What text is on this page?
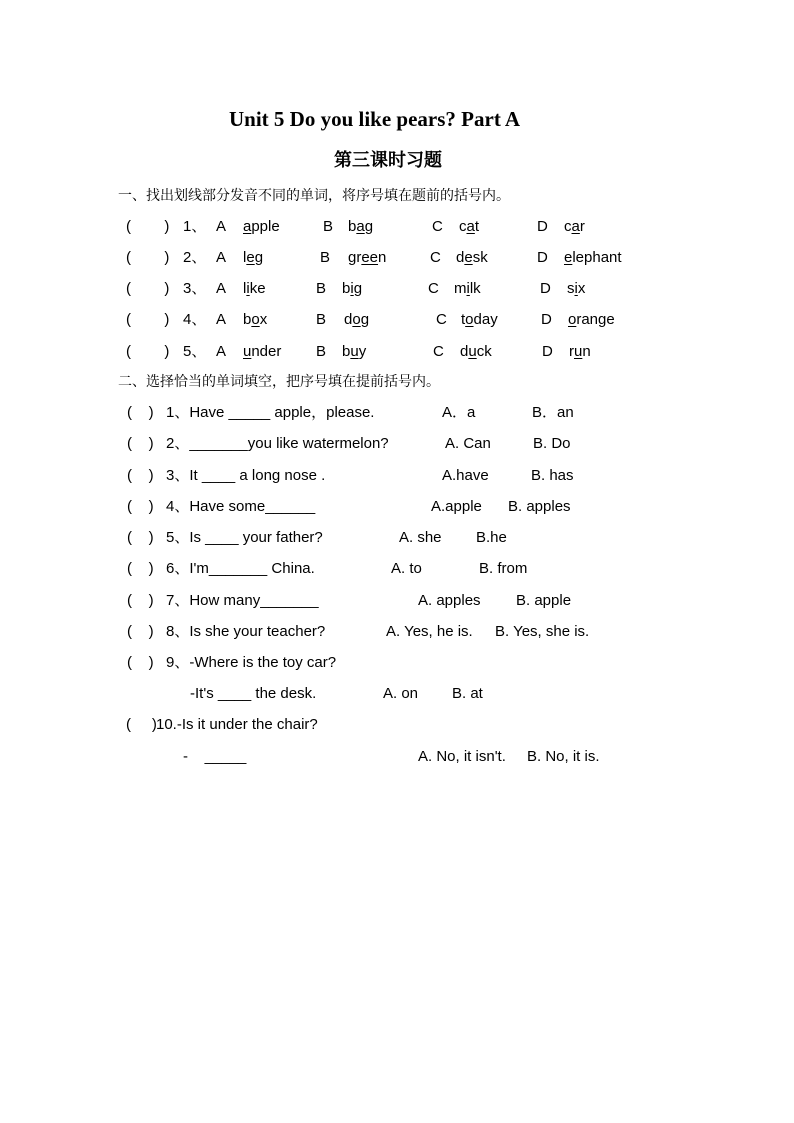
Unit 5 Do you like pears? Part A
第三课时习题
一、找出划线部分发音不同的单词，将序号填在题前的括号内。
(        ) 1、 A apple	B bag	C cat	D car
(        ) 2、 A leg	B green	C desk	D elephant
(        ) 3、 A like	B big	C milk	D six
(        ) 4、 A box	B dog	C today	D orange
(        ) 5、 A under B buy	C duck	D run
二、选择恰当的单词填空，把序号填在提前括号内。
(    ) 1、Have _____ apple，please.	A．a	B．an
(    ) 2、_______you like watermelon?	A. Can	B. Do
(    ) 3、It ____ a long nose .	A.have	B. has
(    ) 4、Have some______	A.apple B. apples
(    ) 5、Is ____ your father?	A. she B.he
(    ) 6、I'm_______ China.	A. to	B. from
(    ) 7、How many_______	A. apples B. apple
(    ) 8、Is she your teacher?	A. Yes, he is. B. Yes, she is.
(    ) 9、-Where is the toy car?
-It's ____ the desk.	A. on B. at
(     ) 10.-Is it under the chair?
-    _____	A. No, it isn't. B. No, it is.
